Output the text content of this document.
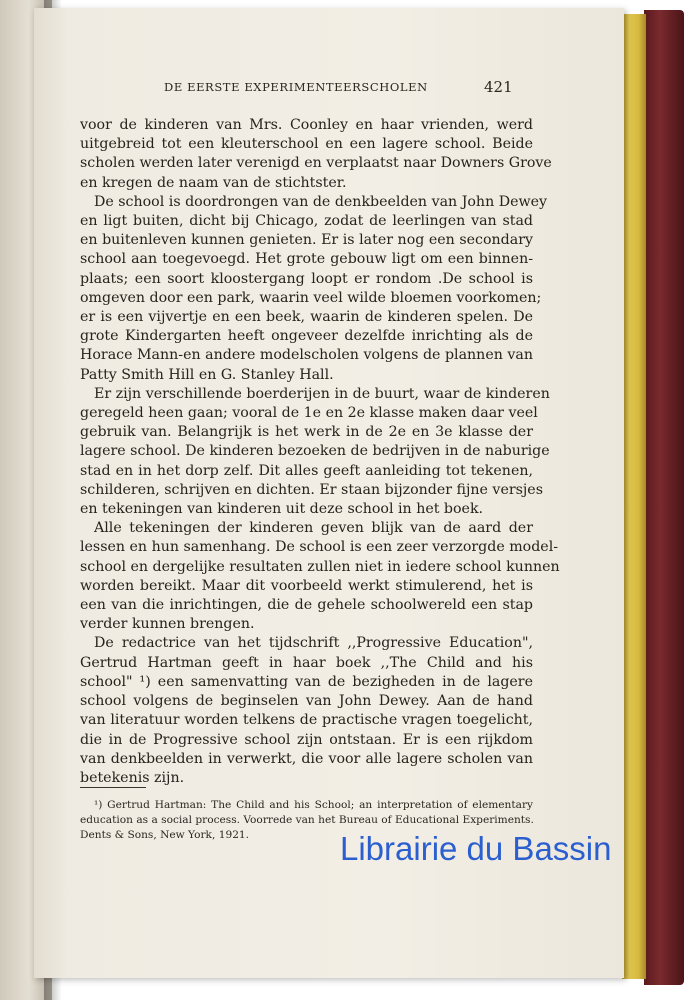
DE EERSTE EXPERIMENTEERSCHOLEN	421
voor de kinderen van Mrs. Coonley en haar vrienden, werd
uitgebreid tot een kleuterschool en een lagere school. Beide
scholen werden later verenigd en verplaatst naar Downers Grove
en kregen de naam van de stichtster.
De school is doordrongen van de denkbeelden van John Dewey
en ligt buiten, dicht bij Chicago, zodat de leerlingen van stad
en buitenleven kunnen genieten. Er is later nog een secondary
school aan toegevoegd. Het grote gebouw ligt om een binnen-
plaats; een soort kloostergang loopt er rondom .De school is
omgeven door een park, waarin veel wilde bloemen voorkomen;
er is een vijvertje en een beek, waarin de kinderen spelen. De
grote Kindergarten heeft ongeveer dezelfde inrichting als de
Horace Mann-en andere modelscholen volgens de plannen van
Patty Smith Hill en G. Stanley Hall.
Er zijn verschillende boerderijen in de buurt, waar de kinderen
geregeld heen gaan; vooral de 1e en 2e klasse maken daar veel
gebruik van. Belangrijk is het werk in de 2e en 3e klasse der
lagere school. De kinderen bezoeken de bedrijven in de naburige
stad en in het dorp zelf. Dit alles geeft aanleiding tot tekenen,
schilderen, schrijven en dichten. Er staan bijzonder fijne versjes
en tekeningen van kinderen uit deze school in het boek.
Alle tekeningen der kinderen geven blijk van de aard der
lessen en hun samenhang. De school is een zeer verzorgde model-
school en dergelijke resultaten zullen niet in iedere school kunnen
worden bereikt. Maar dit voorbeeld werkt stimulerend, het is
een van die inrichtingen, die de gehele schoolwereld een stap
verder kunnen brengen.
De redactrice van het tijdschrift ,,Progressive Education",
Gertrud Hartman geeft in haar boek ,,The Child and his
school" ¹) een samenvatting van de bezigheden in de lagere
school volgens de beginselen van John Dewey. Aan de hand
van literatuur worden telkens de practische vragen toegelicht,
die in de Progressive school zijn ontstaan. Er is een rijkdom
van denkbeelden in verwerkt, die voor alle lagere scholen van
betekenis zijn.
¹) Gertrud Hartman: The Child and his School; an interpretation of elementary
education as a social process. Voorrede van het Bureau of Educational Experiments.
Dents & Sons, New York, 1921.	Librairie du Bassin
